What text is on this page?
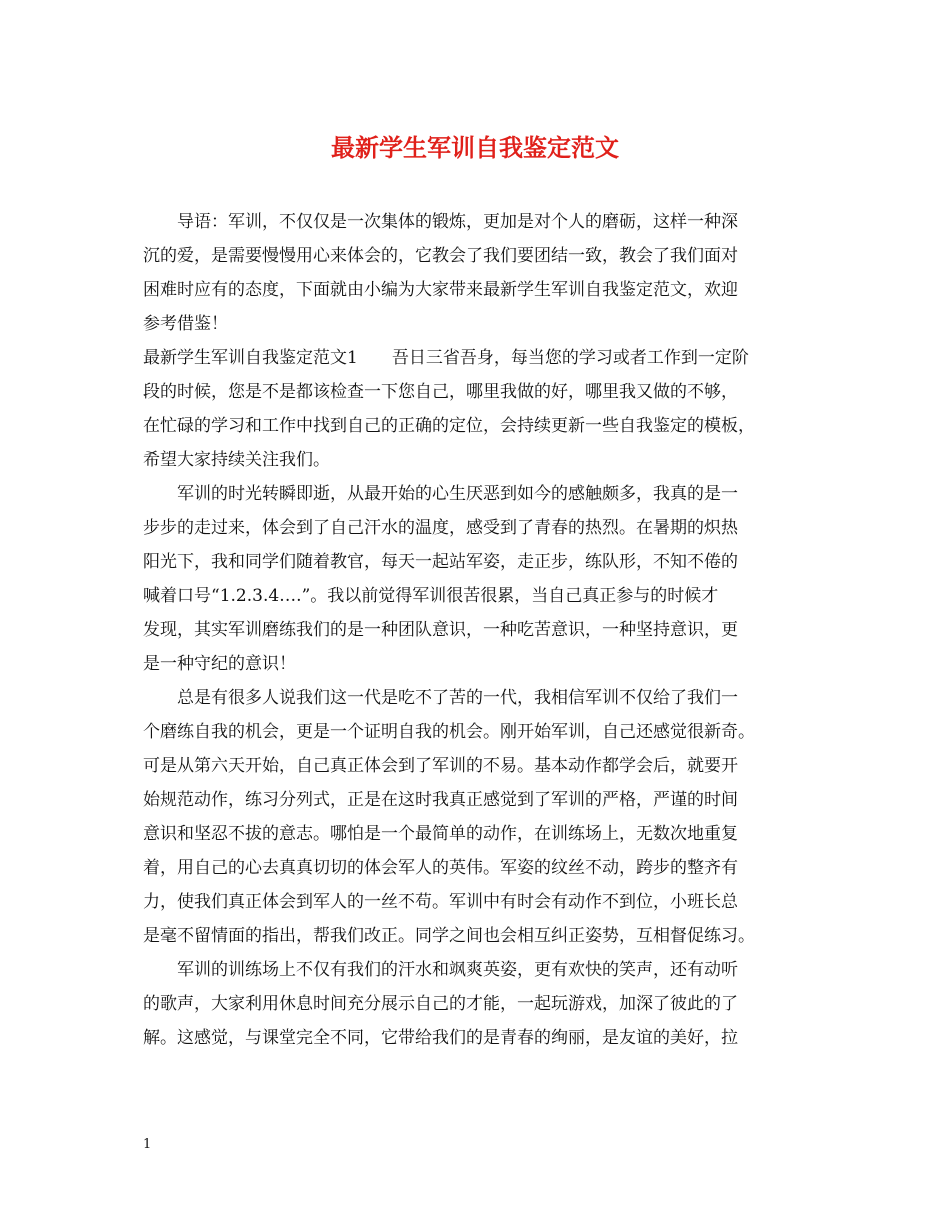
最新学生军训自我鉴定范文

　　导语：军训，不仅仅是一次集体的锻炼，更加是对个人的磨砺，这样一种深

沉的爱，是需要慢慢用心来体会的，它教会了我们要团结一致，教会了我们面对

困难时应有的态度，下面就由小编为大家带来最新学生军训自我鉴定范文，欢迎

参考借鉴！

最新学生军训自我鉴定范文1　　吾日三省吾身，每当您的学习或者工作到一定阶

段的时候，您是不是都该检查一下您自己，哪里我做的好，哪里我又做的不够，

在忙碌的学习和工作中找到自己的正确的定位，会持续更新一些自我鉴定的模板，

希望大家持续关注我们。

　　军训的时光转瞬即逝，从最开始的心生厌恶到如今的感触颇多，我真的是一

步步的走过来，体会到了自己汗水的温度，感受到了青春的热烈。在暑期的炽热

阳光下，我和同学们随着教官，每天一起站军姿，走正步，练队形，不知不倦的

喊着口号“1.2.3.4….”。我以前觉得军训很苦很累，当自己真正参与的时候才

发现，其实军训磨练我们的是一种团队意识，一种吃苦意识，一种坚持意识，更

是一种守纪的意识！

　　总是有很多人说我们这一代是吃不了苦的一代，我相信军训不仅给了我们一

个磨练自我的机会，更是一个证明自我的机会。刚开始军训，自己还感觉很新奇。

可是从第六天开始，自己真正体会到了军训的不易。基本动作都学会后，就要开

始规范动作，练习分列式，正是在这时我真正感觉到了军训的严格，严谨的时间

意识和坚忍不拔的意志。哪怕是一个最简单的动作，在训练场上，无数次地重复

着，用自己的心去真真切切的体会军人的英伟。军姿的纹丝不动，跨步的整齐有

力，使我们真正体会到军人的一丝不苟。军训中有时会有动作不到位，小班长总

是毫不留情面的指出，帮我们改正。同学之间也会相互纠正姿势，互相督促练习。

　　军训的训练场上不仅有我们的汗水和飒爽英姿，更有欢快的笑声，还有动听

的歌声，大家利用休息时间充分展示自己的才能，一起玩游戏，加深了彼此的了

解。这感觉，与课堂完全不同，它带给我们的是青春的绚丽，是友谊的美好，拉

1
